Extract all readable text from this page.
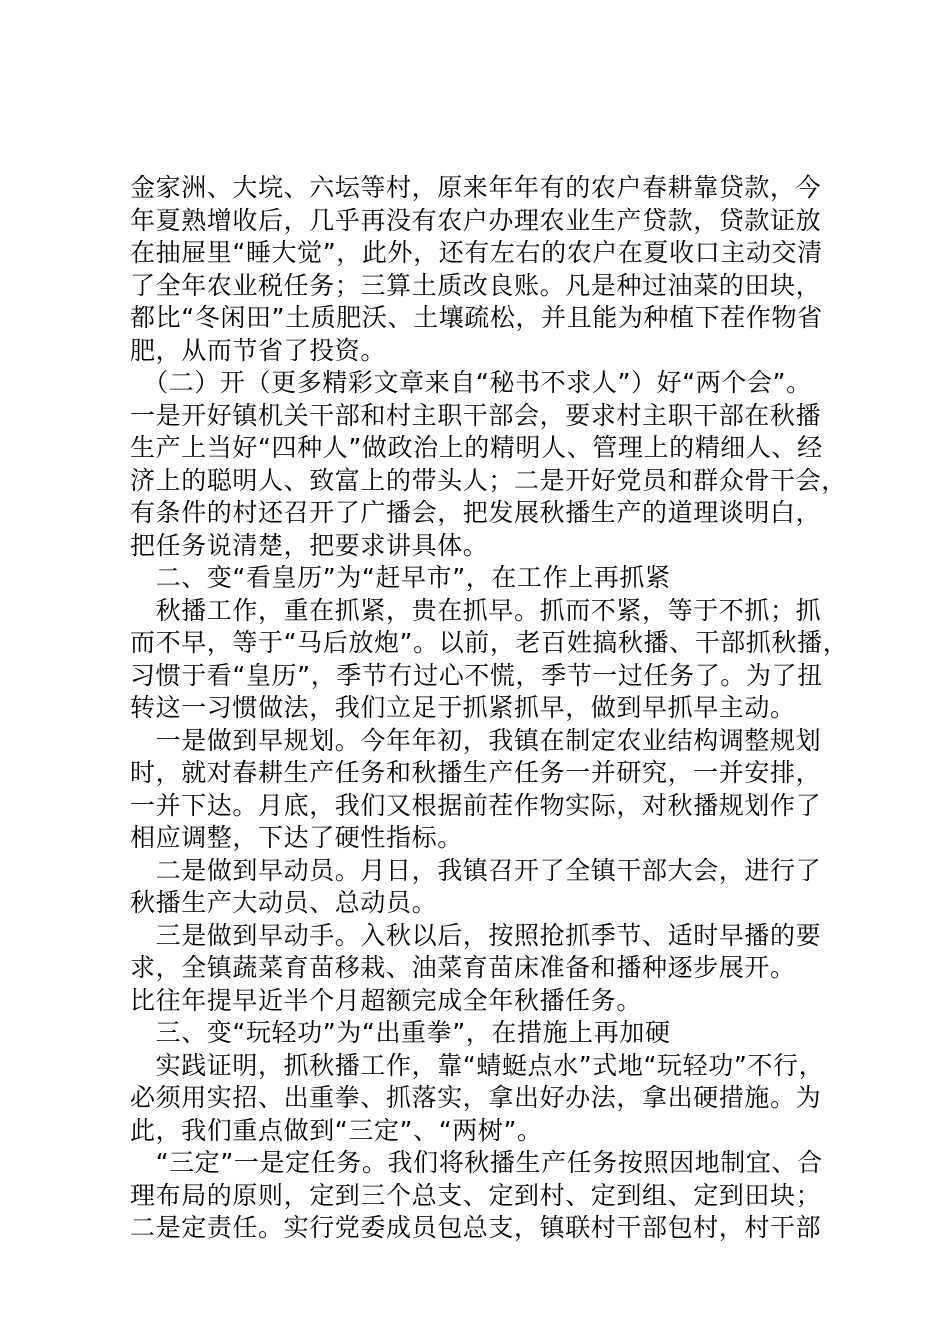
金家洲、大垸、六坛等村，原来年年有的农户春耕靠贷款，今
年夏熟增收后，几乎再没有农户办理农业生产贷款，贷款证放
在抽屉里“睡大觉”，此外，还有左右的农户在夏收口主动交清
了全年农业税任务；三算土质改良账。凡是种过油菜的田块，
都比“冬闲田”土质肥沃、土壤疏松，并且能为种植下茬作物省
肥，从而节省了投资。
　（二）开（更多精彩文章来自“秘书不求人”）好“两个会”。
一是开好镇机关干部和村主职干部会，要求村主职干部在秋播
生产上当好“四种人”做政治上的精明人、管理上的精细人、经
济上的聪明人、致富上的带头人；二是开好党员和群众骨干会，
有条件的村还召开了广播会，把发展秋播生产的道理谈明白，
把任务说清楚，把要求讲具体。
　二、变“看皇历”为“赶早市”，在工作上再抓紧
　秋播工作，重在抓紧，贵在抓早。抓而不紧，等于不抓；抓
而不早，等于“马后放炮”。以前，老百姓搞秋播、干部抓秋播，
习惯于看“皇历”，季节冇过心不慌，季节一过任务了。为了扭
转这一习惯做法，我们立足于抓紧抓早，做到早抓早主动。
　一是做到早规划。今年年初，我镇在制定农业结构调整规划
时，就对春耕生产任务和秋播生产任务一并研究，一并安排，
一并下达。月底，我们又根据前茬作物实际，对秋播规划作了
相应调整，下达了硬性指标。
　二是做到早动员。月日，我镇召开了全镇干部大会，进行了
秋播生产大动员、总动员。
　三是做到早动手。入秋以后，按照抢抓季节、适时早播的要
求，全镇蔬菜育苗移栽、油菜育苗床准备和播种逐步展开。
比往年提早近半个月超额完成全年秋播任务。
　三、变“玩轻功”为“出重拳”，在措施上再加硬
　实践证明，抓秋播工作，靠“蜻蜓点水”式地“玩轻功”不行，
必须用实招、出重拳、抓落实，拿出好办法，拿出硬措施。为
此，我们重点做到“三定”、“两树”。
　“三定”一是定任务。我们将秋播生产任务按照因地制宜、合
理布局的原则，定到三个总支、定到村、定到组、定到田块；
二是定责任。实行党委成员包总支，镇联村干部包村，村干部
